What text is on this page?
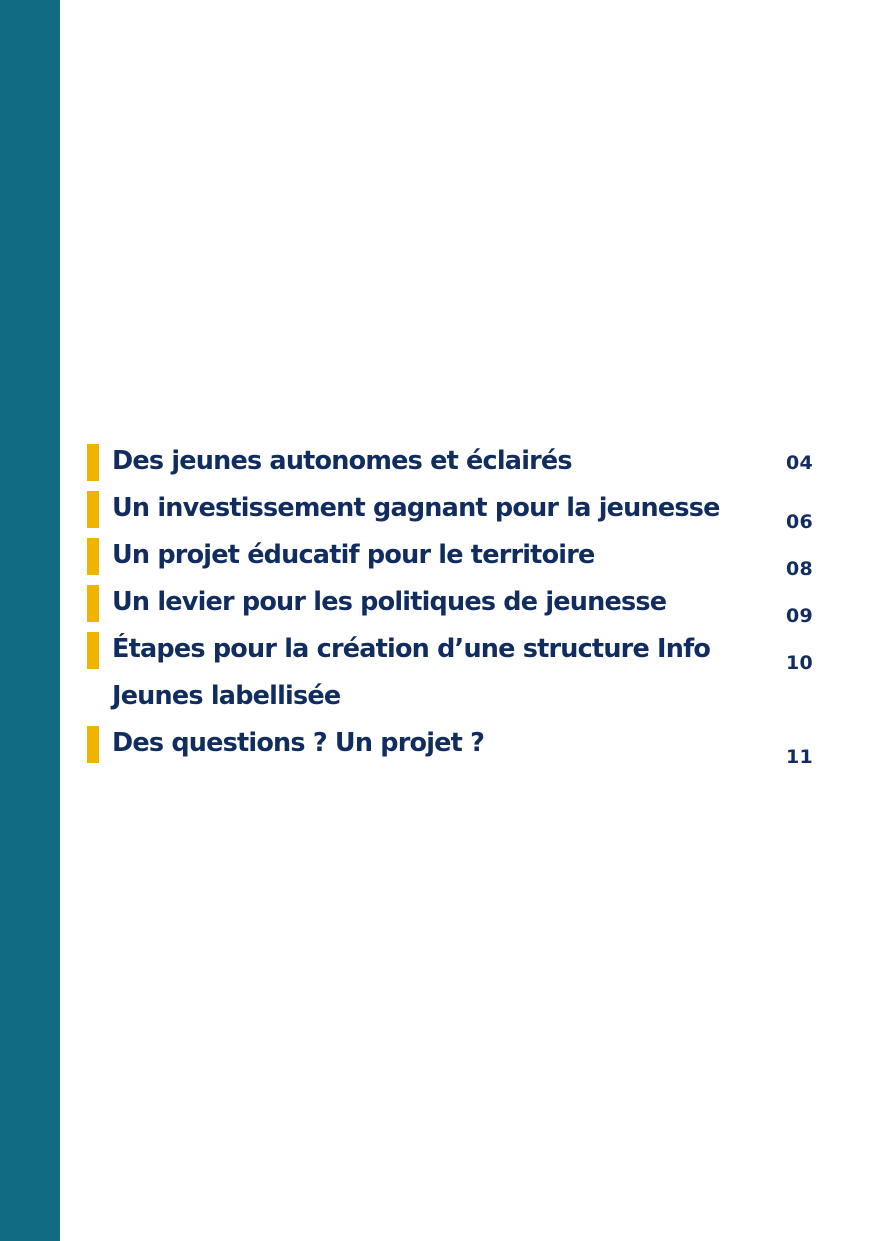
Des jeunes autonomes et éclairés	04
Un investissement gagnant pour la jeunesse	06
Un projet éducatif pour le territoire	08
Un levier pour les politiques de jeunesse	09
Étapes pour la création d’une structure Info Jeunes labellisée
10
Des questions ? Un projet ?	11
